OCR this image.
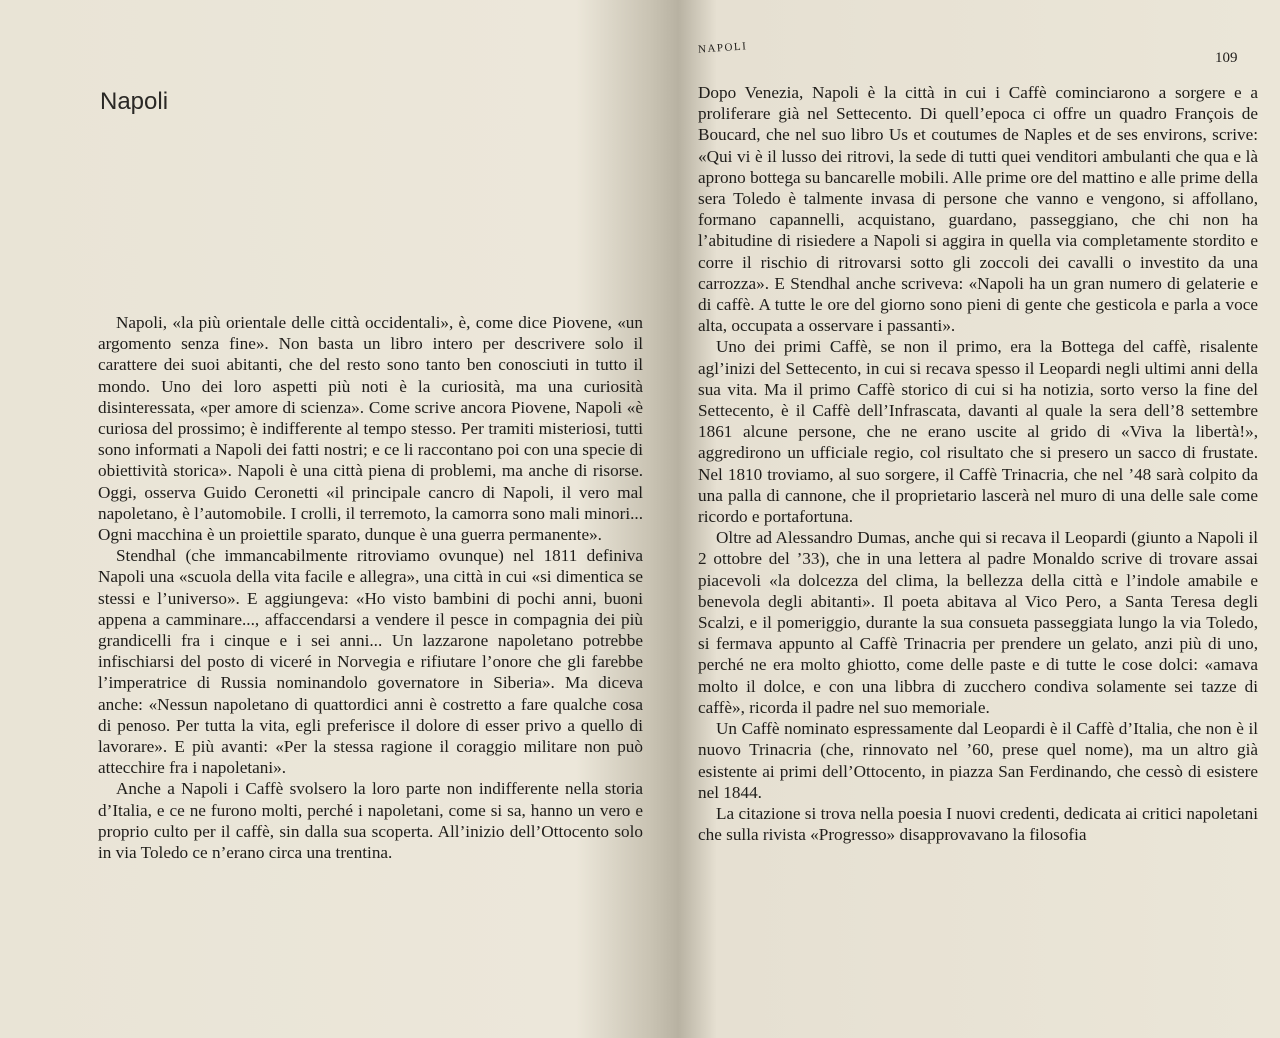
Napoli

Napoli, «la più orientale delle città occidentali», è, come dice Piovene, «un argomento senza fine». Non basta un libro intero per descrivere solo il carattere dei suoi abitanti, che del resto sono tanto ben conosciuti in tutto il mondo. Uno dei loro aspetti più noti è la curiosità, ma una curiosità disinteressata, «per amore di scienza». Come scrive ancora Piovene, Napoli «è curiosa del prossimo; è indifferente al tempo stesso. Per tramiti misteriosi, tutti sono informati a Napoli dei fatti nostri; e ce li raccontano poi con una specie di obiettività storica». Napoli è una città piena di problemi, ma anche di risorse. Oggi, osserva Guido Ceronetti «il principale cancro di Napoli, il vero mal napoletano, è l’automobile. I crolli, il terremoto, la camorra sono mali minori... Ogni macchina è un proiettile sparato, dunque è una guerra permanente».

Stendhal (che immancabilmente ritroviamo ovunque) nel 1811 definiva Napoli una «scuola della vita facile e allegra», una città in cui «si dimentica se stessi e l’universo». E aggiungeva: «Ho visto bambini di pochi anni, buoni appena a camminare..., affaccendarsi a vendere il pesce in compagnia dei più grandicelli fra i cinque e i sei anni... Un lazzarone napoletano potrebbe infischiarsi del posto di viceré in Norvegia e rifiutare l’onore che gli farebbe l’imperatrice di Russia nominandolo governatore in Siberia». Ma diceva anche: «Nessun napoletano di quattordici anni è costretto a fare qualche cosa di penoso. Per tutta la vita, egli preferisce il dolore di esser privo a quello di lavorare». E più avanti: «Per la stessa ragione il coraggio militare non può attecchire fra i napoletani».

Anche a Napoli i Caffè svolsero la loro parte non indifferente nella storia d’Italia, e ce ne furono molti, perché i napoletani, come si sa, hanno un vero e proprio culto per il caffè, sin dalla sua scoperta. All’inizio dell’Ottocento solo in via Toledo ce n’erano circa una trentina.

NAPOLI
109

Dopo Venezia, Napoli è la città in cui i Caffè cominciarono a sorgere e a proliferare già nel Settecento. Di quell’epoca ci offre un quadro François de Boucard, che nel suo libro Us et coutumes de Naples et de ses environs, scrive: «Qui vi è il lusso dei ritrovi, la sede di tutti quei venditori ambulanti che qua e là aprono bottega su bancarelle mobili. Alle prime ore del mattino e alle prime della sera Toledo è talmente invasa di persone che vanno e vengono, si affollano, formano capannelli, acquistano, guardano, passeggiano, che chi non ha l’abitudine di risiedere a Napoli si aggira in quella via completamente stordito e corre il rischio di ritrovarsi sotto gli zoccoli dei cavalli o investito da una carrozza». E Stendhal anche scriveva: «Napoli ha un gran numero di gelaterie e di caffè. A tutte le ore del giorno sono pieni di gente che gesticola e parla a voce alta, occupata a osservare i passanti».

Uno dei primi Caffè, se non il primo, era la Bottega del caffè, risalente agl’inizi del Settecento, in cui si recava spesso il Leopardi negli ultimi anni della sua vita. Ma il primo Caffè storico di cui si ha notizia, sorto verso la fine del Settecento, è il Caffè dell’Infrascata, davanti al quale la sera dell’8 settembre 1861 alcune persone, che ne erano uscite al grido di «Viva la libertà!», aggredirono un ufficiale regio, col risultato che si presero un sacco di frustate. Nel 1810 troviamo, al suo sorgere, il Caffè Trinacria, che nel ’48 sarà colpito da una palla di cannone, che il proprietario lascerà nel muro di una delle sale come ricordo e portafortuna.

Oltre ad Alessandro Dumas, anche qui si recava il Leopardi (giunto a Napoli il 2 ottobre del ’33), che in una lettera al padre Monaldo scrive di trovare assai piacevoli «la dolcezza del clima, la bellezza della città e l’indole amabile e benevola degli abitanti». Il poeta abitava al Vico Pero, a Santa Teresa degli Scalzi, e il pomeriggio, durante la sua consueta passeggiata lungo la via Toledo, si fermava appunto al Caffè Trinacria per prendere un gelato, anzi più di uno, perché ne era molto ghiotto, come delle paste e di tutte le cose dolci: «amava molto il dolce, e con una libbra di zucchero condiva solamente sei tazze di caffè», ricorda il padre nel suo memoriale.

Un Caffè nominato espressamente dal Leopardi è il Caffè d’Italia, che non è il nuovo Trinacria (che, rinnovato nel ’60, prese quel nome), ma un altro già esistente ai primi dell’Ottocento, in piazza San Ferdinando, che cessò di esistere nel 1844.

La citazione si trova nella poesia I nuovi credenti, dedicata ai critici napoletani che sulla rivista «Progresso» disapprovavano la filosofia
